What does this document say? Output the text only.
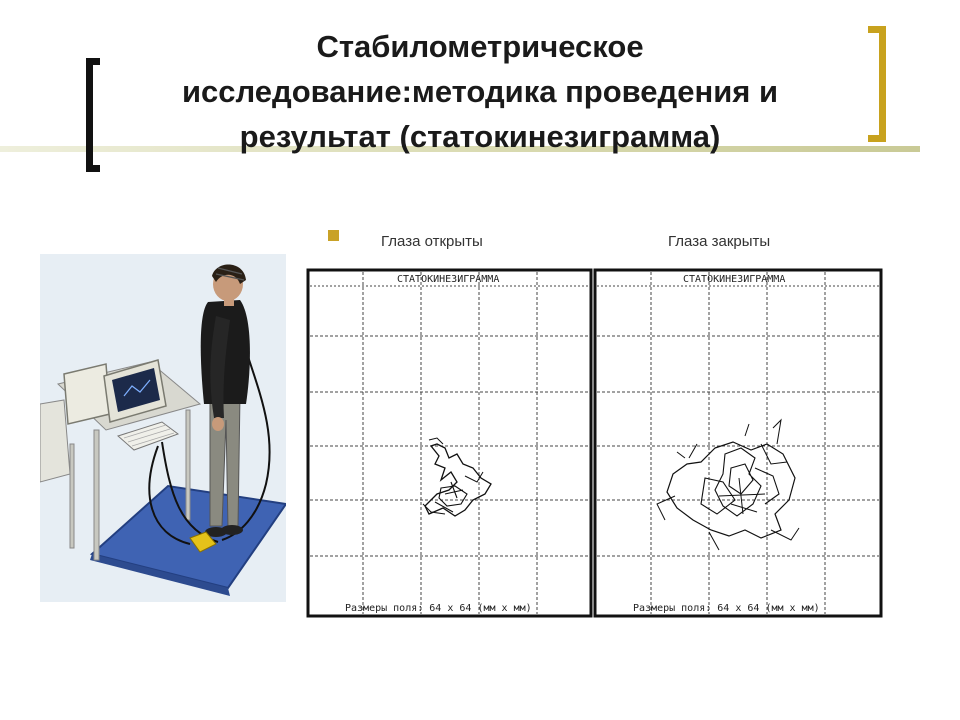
Стабилометрическое
исследование:методика проведения и
результат (статокинезиграмма)
Глаза открыты	Глаза закрыты
СТАТОКИНЕЗИГРАММА
Размеры поля: 64 х 64 (мм х мм)
СТАТОКИНЕЗИГРАММА
Размеры поля: 64 х 64 (мм х мм)
